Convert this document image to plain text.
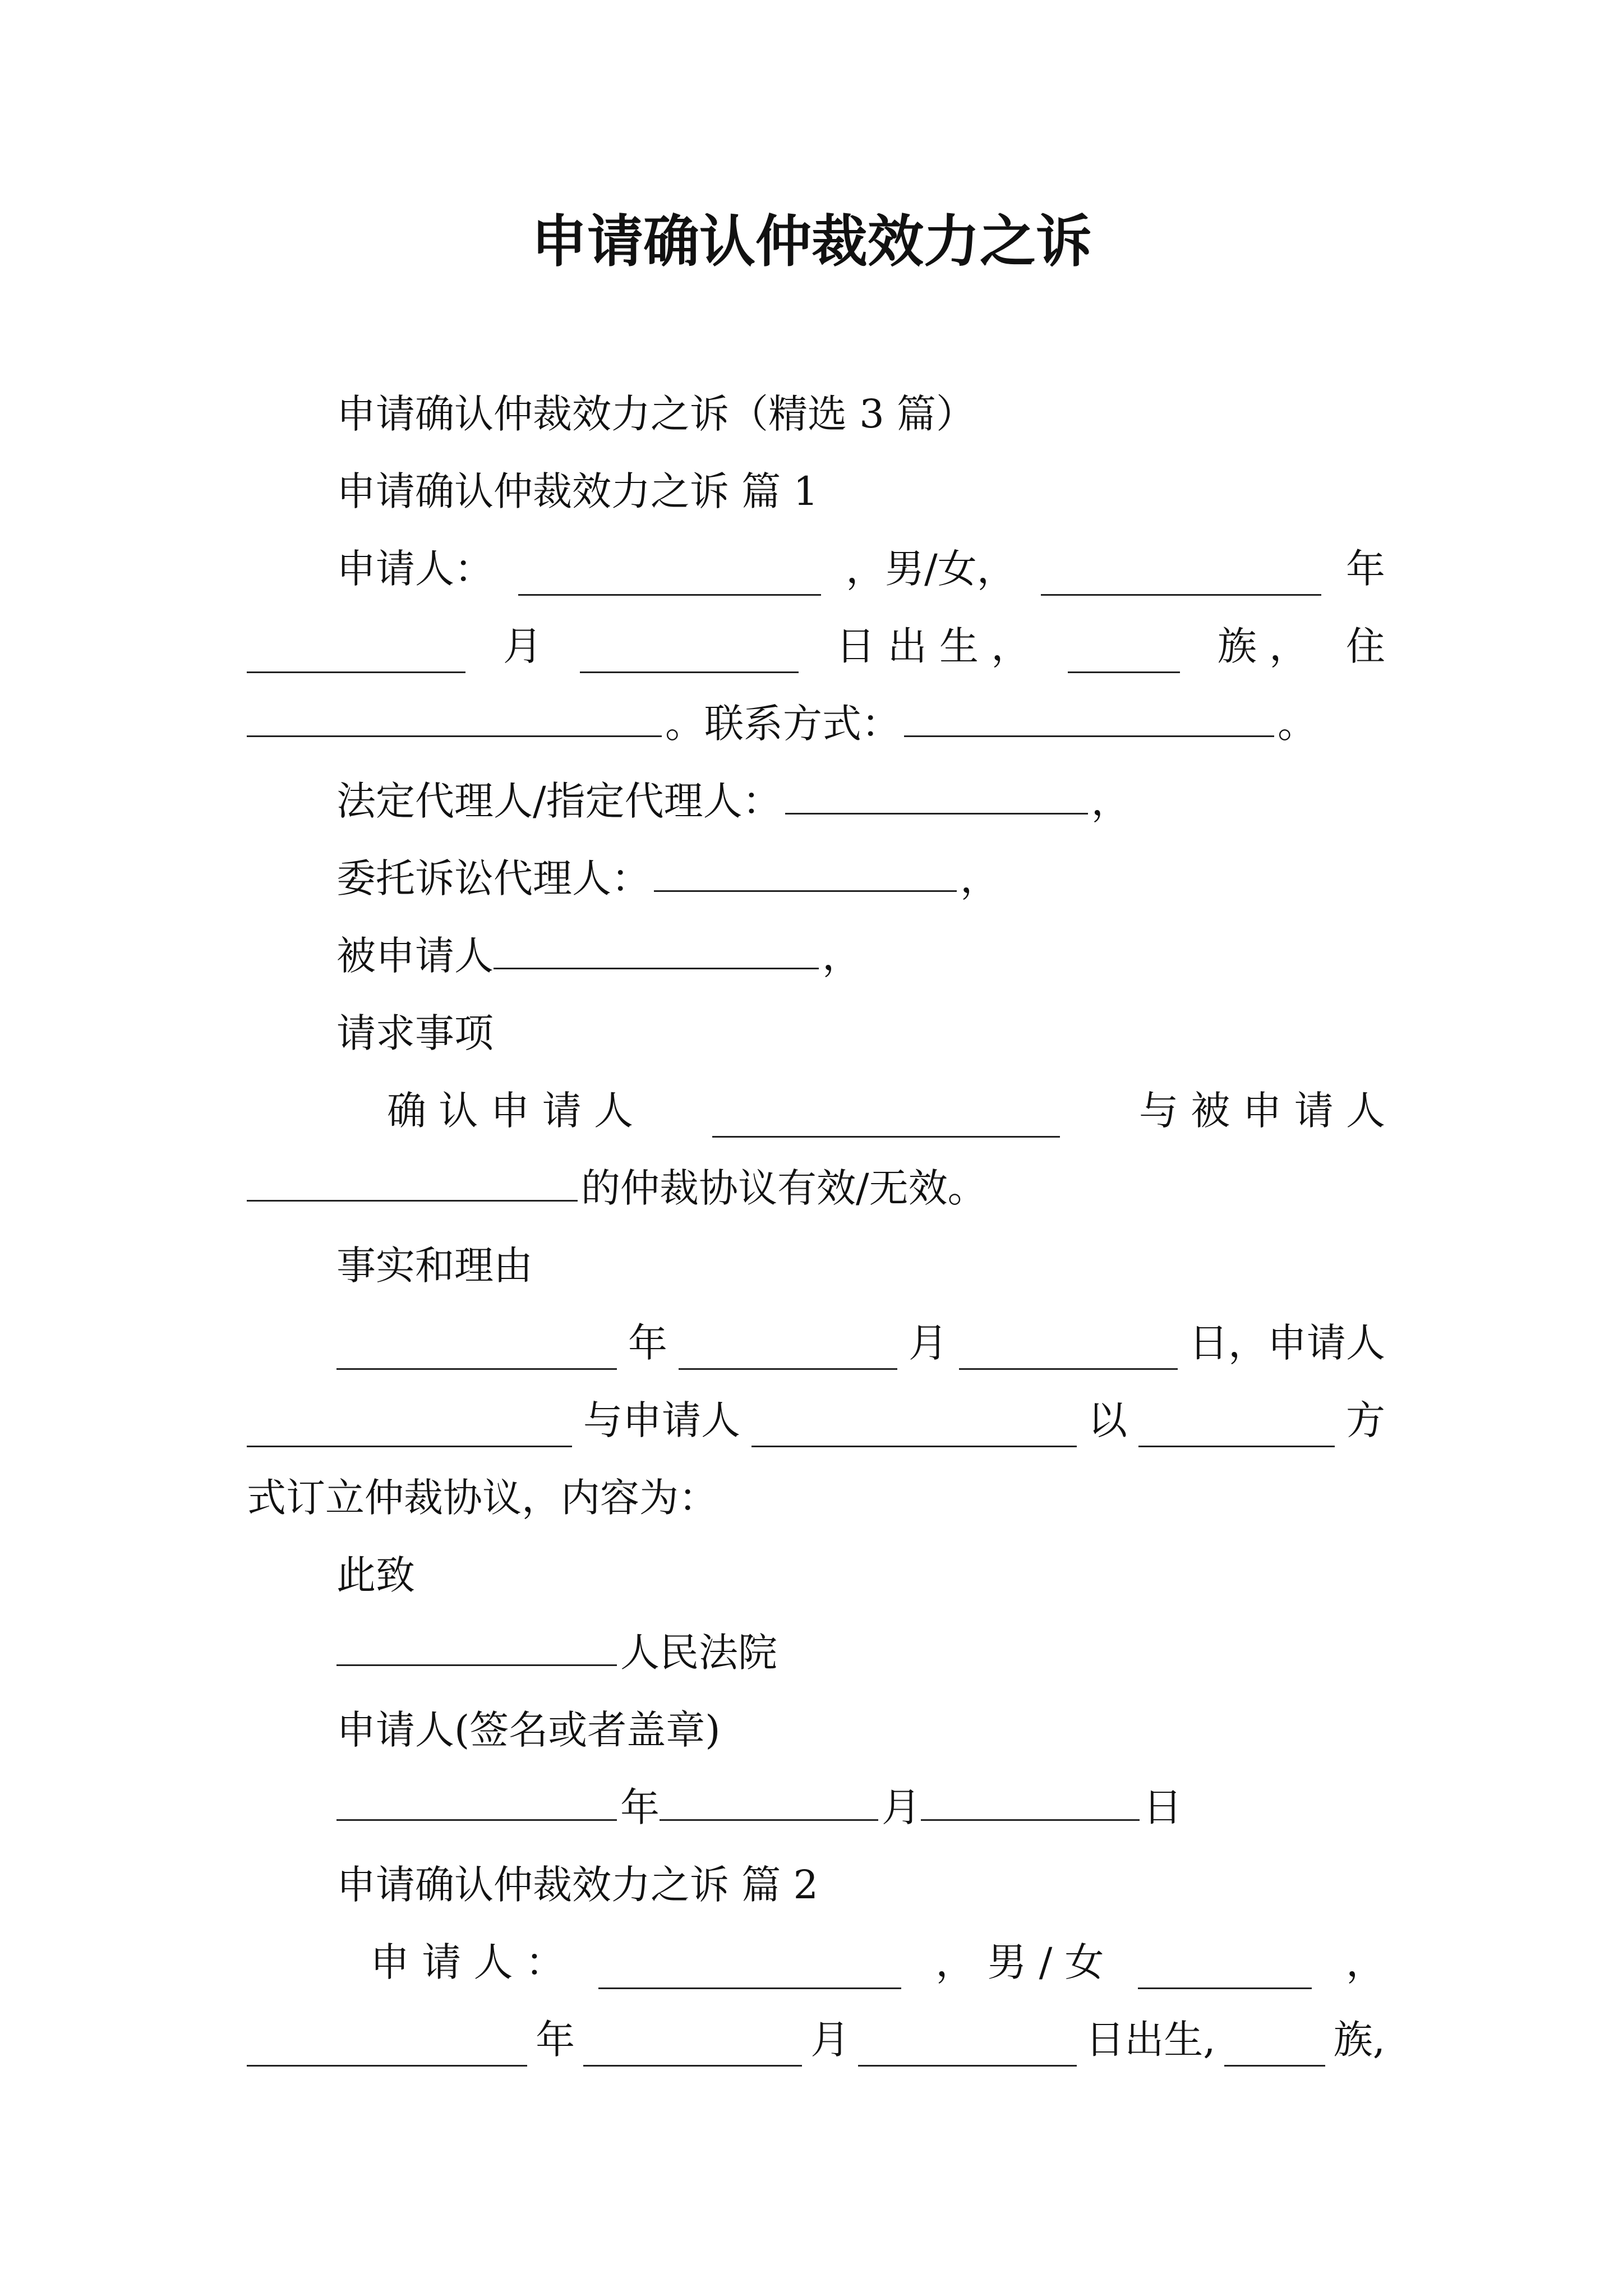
申请确认仲裁效力之诉
申请确认仲裁效力之诉（精选 3 篇）
申请确认仲裁效力之诉 篇 1
申请人：	，男/女，	年
月	日 出 生 ，	族 ， 住
。联系方式：	。
法定代理人/指定代理人：	，
委托诉讼代理人：	，
被申请人	，
请求事项
确 认 申 请 人	与 被 申 请 人
的仲裁协议有效/无效。
事实和理由
年	月	日，申请人
与申请人	以	方
式订立仲裁协议，内容为：
此致
人民法院
申请人(签名或者盖章)
年	月	日
申请确认仲裁效力之诉 篇 2
申 请 人 ：	， 男 / 女	，
年	月	日出生,	族,
